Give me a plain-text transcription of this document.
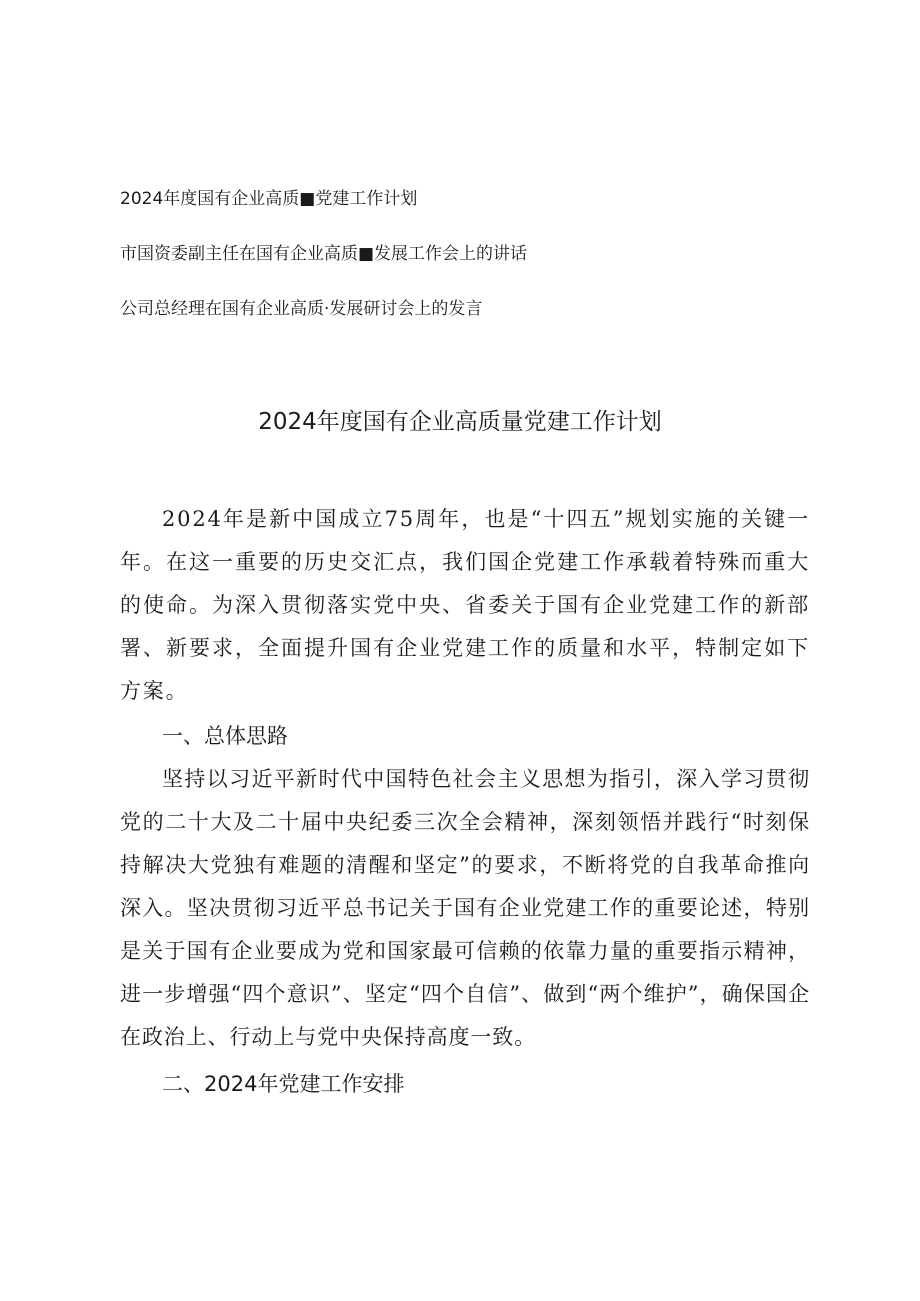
2024年度国有企业高质■党建工作计划
市国资委副主任在国有企业高质■发展工作会上的讲话
公司总经理在国有企业高质·发展研讨会上的发言
2024年度国有企业高质量党建工作计划

2024年是新中国成立75周年，也是“十四五”规划实施的关键一年。在这一重要的历史交汇点，我们国企党建工作承载着特殊而重大的使命。为深入贯彻落实党中央、省委关于国有企业党建工作的新部署、新要求，全面提升国有企业党建工作的质量和水平，特制定如下方案。

一、总体思路

坚持以习近平新时代中国特色社会主义思想为指引，深入学习贯彻党的二十大及二十届中央纪委三次全会精神，深刻领悟并践行“时刻保持解决大党独有难题的清醒和坚定”的要求，不断将党的自我革命推向深入。坚决贯彻习近平总书记关于国有企业党建工作的重要论述，特别是关于国有企业要成为党和国家最可信赖的依靠力量的重要指示精神，进一步增强“四个意识”、坚定“四个自信”、做到“两个维护”，确保国企在政治上、行动上与党中央保持高度一致。

二、2024年党建工作安排
